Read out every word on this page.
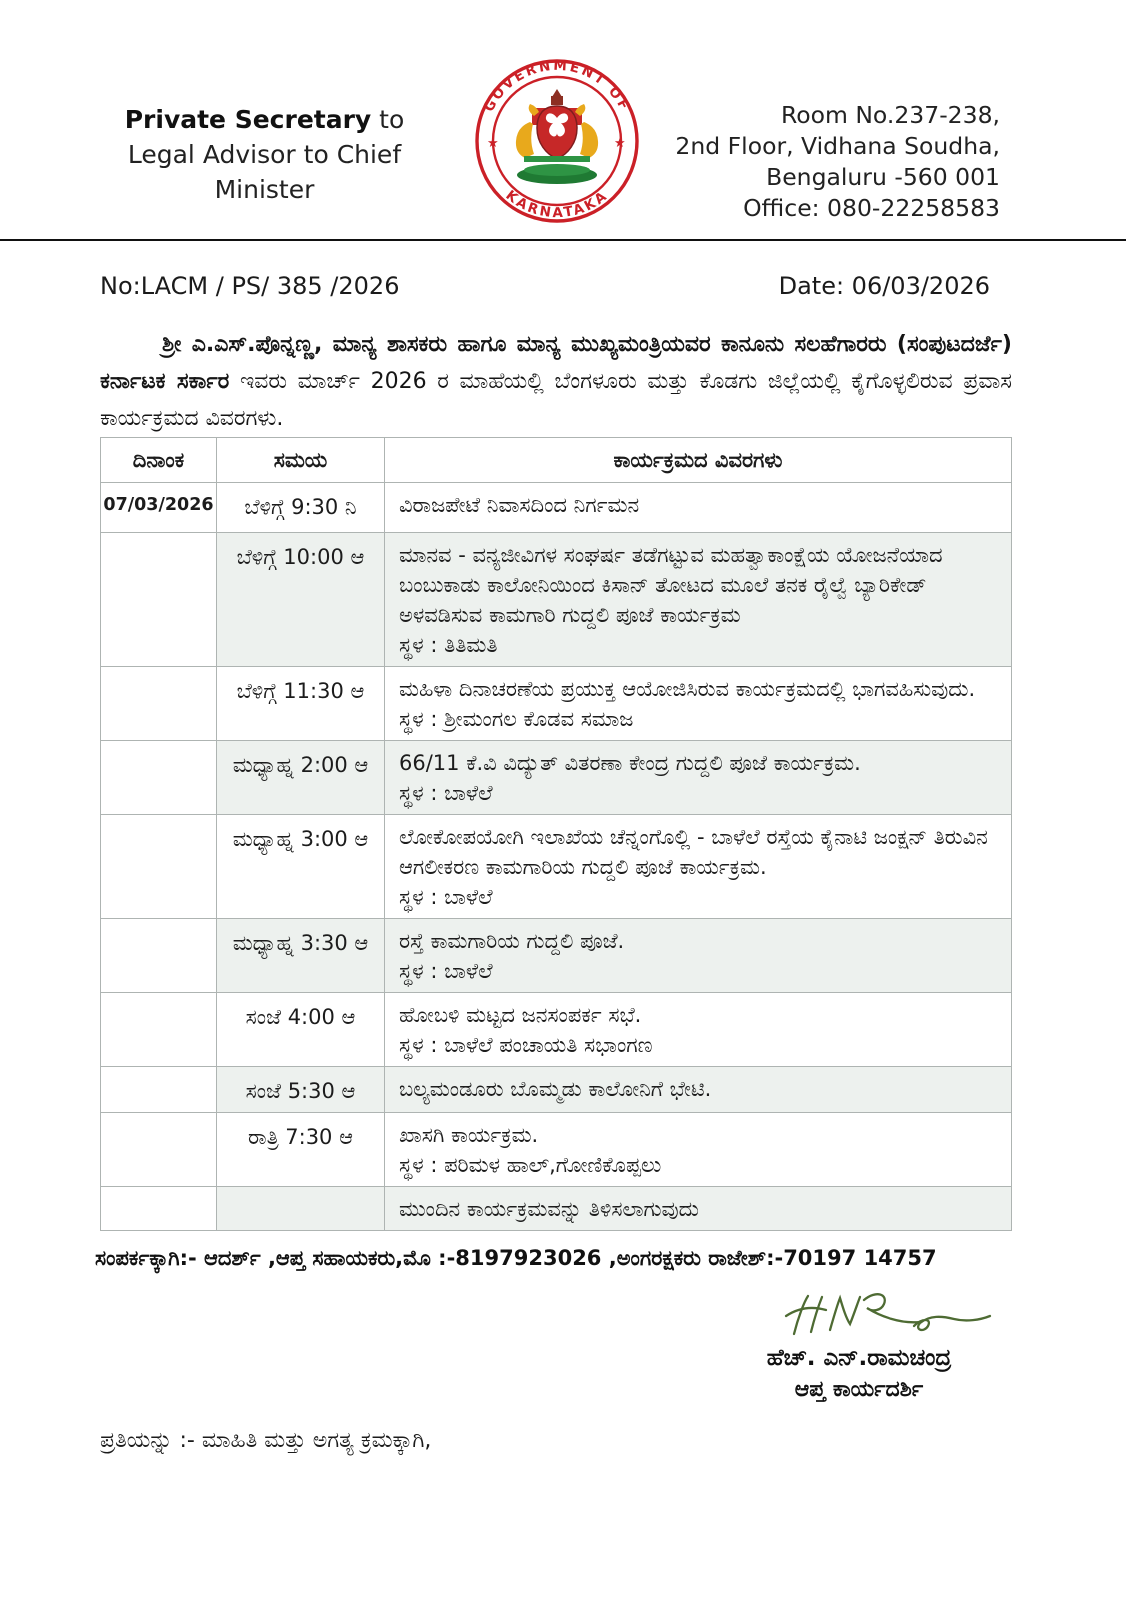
Private Secretary to
Legal Advisor to Chief Minister
GOVERNMENT OF
KARNATAKA
★	★
Room No.237-238,
2nd Floor, Vidhana Soudha,
Bengaluru -560 001
Office: 080-22258583
No:LACM / PS/ 385 /2026	Date: 06/03/2026
ಶ್ರೀ ಎ.ಎಸ್.ಪೊನ್ನಣ್ಣ, ಮಾನ್ಯ ಶಾಸಕರು ಹಾಗೂ ಮಾನ್ಯ ಮುಖ್ಯಮಂತ್ರಿಯವರ ಕಾನೂನು ಸಲಹೆಗಾರರು (ಸಂಪುಟದರ್ಜೆ) ಕರ್ನಾಟಕ ಸರ್ಕಾರ ಇವರು ಮಾರ್ಚ್ 2026 ರ ಮಾಹೆಯಲ್ಲಿ ಬೆಂಗಳೂರು ಮತ್ತು ಕೊಡಗು ಜಿಲ್ಲೆಯಲ್ಲಿ ಕೈಗೊಳ್ಳಲಿರುವ ಪ್ರವಾಸ ಕಾರ್ಯಕ್ರಮದ ವಿವರಗಳು.
ದಿನಾಂಕ	ಸಮಯ	ಕಾರ್ಯಕ್ರಮದ ವಿವರಗಳು
07/03/2026	ಬೆಳಿಗ್ಗೆ 9:30 ನಿ	ವಿರಾಜಪೇಟೆ ನಿವಾಸದಿಂದ ನಿರ್ಗಮನ

	ಬೆಳಿಗ್ಗೆ 10:00 ಆ	ಮಾನವ - ವನ್ಯಜೀವಿಗಳ ಸಂಘರ್ಷ ತಡೆಗಟ್ಟುವ ಮಹತ್ವಾಕಾಂಕ್ಷೆಯ ಯೋಜನೆಯಾದ ಬಂಬುಕಾಡು ಕಾಲೋನಿಯಿಂದ ಕಿಸಾನ್ ತೋಟದ ಮೂಲೆ ತನಕ ರೈಲ್ವೆ ಬ್ಯಾರಿಕೇಡ್ ಅಳವಡಿಸುವ ಕಾಮಗಾರಿ ಗುದ್ದಲಿ ಪೂಜೆ ಕಾರ್ಯಕ್ರಮ
ಸ್ಥಳ : ತಿತಿಮತಿ

	ಬೆಳಿಗ್ಗೆ 11:30 ಆ	ಮಹಿಳಾ ದಿನಾಚರಣೆಯ ಪ್ರಯುಕ್ತ ಆಯೋಜಿಸಿರುವ ಕಾರ್ಯಕ್ರಮದಲ್ಲಿ ಭಾಗವಹಿಸುವುದು.
ಸ್ಥಳ : ಶ್ರೀಮಂಗಲ ಕೊಡವ ಸಮಾಜ

	ಮಧ್ಯಾಹ್ನ 2:00 ಆ	66/11 ಕೆ.ವಿ ವಿದ್ಯುತ್ ವಿತರಣಾ ಕೇಂದ್ರ ಗುದ್ದಲಿ ಪೂಜೆ ಕಾರ್ಯಕ್ರಮ.
ಸ್ಥಳ : ಬಾಳೆಲೆ

	ಮಧ್ಯಾಹ್ನ 3:00 ಆ	ಲೋಕೋಪಯೋಗಿ ಇಲಾಖೆಯ ಚೆನ್ನಂಗೊಲ್ಲಿ - ಬಾಳೆಲೆ ರಸ್ತೆಯ ಕೈನಾಟಿ ಜಂಕ್ಷನ್ ತಿರುವಿನ ಆಗಲೀಕರಣ ಕಾಮಗಾರಿಯ ಗುದ್ದಲಿ ಪೂಜೆ ಕಾರ್ಯಕ್ರಮ.
ಸ್ಥಳ : ಬಾಳೆಲೆ

	ಮಧ್ಯಾಹ್ನ 3:30 ಆ	ರಸ್ತೆ ಕಾಮಗಾರಿಯ ಗುದ್ದಲಿ ಪೂಜೆ.
ಸ್ಥಳ : ಬಾಳೆಲೆ

	ಸಂಜೆ 4:00 ಆ	ಹೋಬಳಿ ಮಟ್ಟದ ಜನಸಂಪರ್ಕ ಸಭೆ.
ಸ್ಥಳ : ಬಾಳೆಲೆ ಪಂಚಾಯತಿ ಸಭಾಂಗಣ

	ಸಂಜೆ 5:30 ಆ	ಬಲ್ಯಮಂಡೂರು ಬೊಮ್ಮಡು ಕಾಲೋನಿಗೆ ಭೇಟಿ.

	ರಾತ್ರಿ 7:30 ಆ	ಖಾಸಗಿ ಕಾರ್ಯಕ್ರಮ.
ಸ್ಥಳ : ಪರಿಮಳ ಹಾಲ್,ಗೋಣಿಕೊಪ್ಪಲು

		ಮುಂದಿನ ಕಾರ್ಯಕ್ರಮವನ್ನು ತಿಳಿಸಲಾಗುವುದು
ಸಂಪರ್ಕಕ್ಕಾಗಿ:- ಆದರ್ಶ್ ,ಆಪ್ತ ಸಹಾಯಕರು,ಮೊ :-8197923026 ,ಅಂಗರಕ್ಷಕರು ರಾಜೇಶ್:-70197 14757
ಹೆಚ್. ಎನ್.ರಾಮಚಂದ್ರ
ಆಪ್ತ ಕಾರ್ಯದರ್ಶಿ
ಪ್ರತಿಯನ್ನು :- ಮಾಹಿತಿ ಮತ್ತು ಅಗತ್ಯ ಕ್ರಮಕ್ಕಾಗಿ,
